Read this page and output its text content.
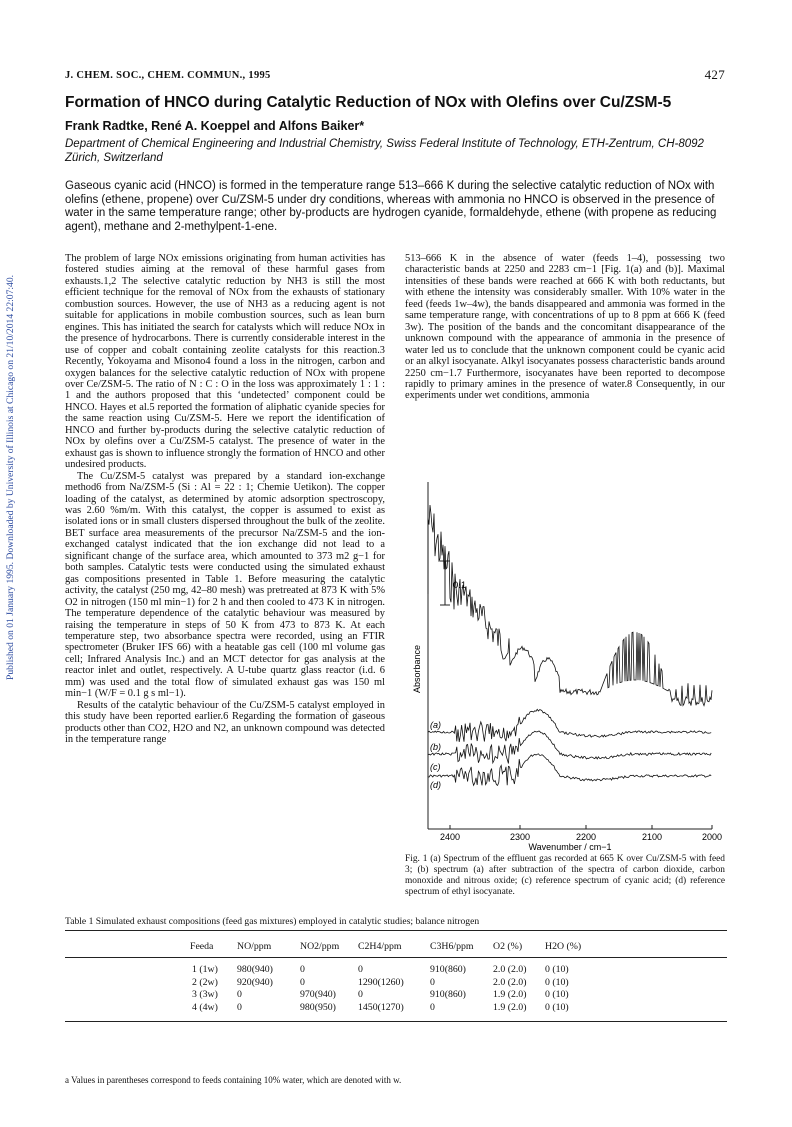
J. CHEM. SOC., CHEM. COMMUN., 1995	427
Formation of HNCO during Catalytic Reduction of NOx with Olefins over Cu/ZSM-5
Frank Radtke, René A. Koeppel and Alfons Baiker*
Department of Chemical Engineering and Industrial Chemistry, Swiss Federal Institute of Technology, ETH-Zentrum, CH-8092 Zürich, Switzerland
Gaseous cyanic acid (HNCO) is formed in the temperature range 513–666 K during the selective catalytic reduction of NOx with olefins (ethene, propene) over Cu/ZSM-5 under dry conditions, whereas with ammonia no HNCO is observed in the presence of water in the same temperature range; other by-products are hydrogen cyanide, formaldehyde, ethene (with propene as reducing agent), methane and 2-methylpent-1-ene.
Published on 01 January 1995. Downloaded by University of Illinois at Chicago on 21/10/2014 22:07:40.

The problem of large NOx emissions originating from human activities has fostered studies aiming at the removal of these harmful gases from exhausts.1,2 The selective catalytic reduction by NH3 is still the most efficient technique for the removal of NOx from the exhausts of stationary combustion sources. However, the use of NH3 as a reducing agent is not suitable for applications in mobile combustion sources, such as lean burn engines. This has initiated the search for catalysts which will reduce NOx in the presence of hydrocarbons. There is currently considerable interest in the use of copper and cobalt containing zeolite catalysts for this reaction.3 Recently, Yokoyama and Misono4 found a loss in the nitrogen, carbon and oxygen balances for the selective catalytic reduction of NOx with propene over Ce/ZSM-5. The ratio of N : C : O in the loss was approximately 1 : 1 : 1 and the authors proposed that this ‘undetected’ component could be HNCO. Hayes et al.5 reported the formation of aliphatic cyanide species for the same reaction using Cu/ZSM-5. Here we report the identification of HNCO and further by-products during the selective catalytic reduction of NOx by olefins over a Cu/ZSM-5 catalyst. The presence of water in the exhaust gas is shown to influence strongly the formation of HNCO and other undesired products.

The Cu/ZSM-5 catalyst was prepared by a standard ion-exchange method6 from Na/ZSM-5 (Si : Al = 22 : 1; Chemie Uetikon). The copper loading of the catalyst, as determined by atomic adsorption spectroscopy, was 2.60 %m/m. With this catalyst, the copper is assumed to exist as isolated ions or in small clusters dispersed throughout the bulk of the zeolite. BET surface area measurements of the precursor Na/ZSM-5 and the ion-exchanged catalyst indicated that the ion exchange did not lead to a significant change of the surface area, which amounted to 373 m2 g−1 for both samples. Catalytic tests were conducted using the simulated exhaust gas compositions presented in Table 1. Before measuring the catalytic activity, the catalyst (250 mg, 42–80 mesh) was pretreated at 873 K with 5% O2 in nitrogen (150 ml min−1) for 2 h and then cooled to 473 K in nitrogen. The temperature dependence of the catalytic behaviour was measured by raising the temperature in steps of 50 K from 473 to 873 K. At each temperature step, two absorbance spectra were recorded, using an FTIR spectrometer (Bruker IFS 66) with a heatable gas cell (100 ml volume gas cell; Infrared Analysis Inc.) and an MCT detector for gas analysis at the reactor inlet and outlet, respectively. A U-tube quartz glass reactor (i.d. 6 mm) was used and the total flow of simulated exhaust gas was 150 ml min−1 (W/F = 0.1 g s ml−1).

Results of the catalytic behaviour of the Cu/ZSM-5 catalyst employed in this study have been reported earlier.6 Regarding the formation of gaseous products other than CO2, H2O and N2, an unknown compound was detected in the temperature range

513–666 K in the absence of water (feeds 1–4), possessing two characteristic bands at 2250 and 2283 cm−1 [Fig. 1(a) and (b)]. Maximal intensities of these bands were reached at 666 K with both reductants, but with ethene the intensity was considerably smaller. With 10% water in the feed (feeds 1w–4w), the bands disappeared and ammonia was formed in the same temperature range, with concentrations of up to 8 ppm at 666 K (feed 3w). The position of the bands and the concomitant disappearance of the unknown compound with the appearance of ammonia in the presence of water led us to conclude that the unknown component could be cyanic acid or an alkyl isocyanate. Alkyl isocyanates possess characteristic bands around 2250 cm−1.7 Furthermore, isocyanates have been reported to decompose rapidly to primary amines in the presence of water.8 Consequently, in our experiments under wet conditions, ammonia

0.1
Absorbance
2400	2300	2200	2100	2000
(a)
(b)
(c)
(d)
Wavenumber / cm−1
Fig. 1 (a) Spectrum of the effluent gas recorded at 665 K over Cu/ZSM-5 with feed 3; (b) spectrum (a) after subtraction of the spectra of carbon dioxide, carbon monoxide and nitrous oxide; (c) reference spectrum of cyanic acid; (d) reference spectrum of ethyl isocyanate.
Table 1 Simulated exhaust compositions (feed gas mixtures) employed in catalytic studies; balance nitrogen
Feeda NO/ppm	NO2/ppm C2H4/ppm	C3H6/ppm O2 (%) H2O (%)
1 (1w) 980(940)	0	0	910(860)	2.0 (2.0) 0 (10)
2 (2w) 920(940)	0	1290(1260)	0	2.0 (2.0) 0 (10)
3 (3w) 0	970(940) 0	910(860)	1.9 (2.0) 0 (10)
4 (4w) 0	980(950) 1450(1270)	0	1.9 (2.0) 0 (10)
a Values in parentheses correspond to feeds containing 10% water, which are denoted with w.
